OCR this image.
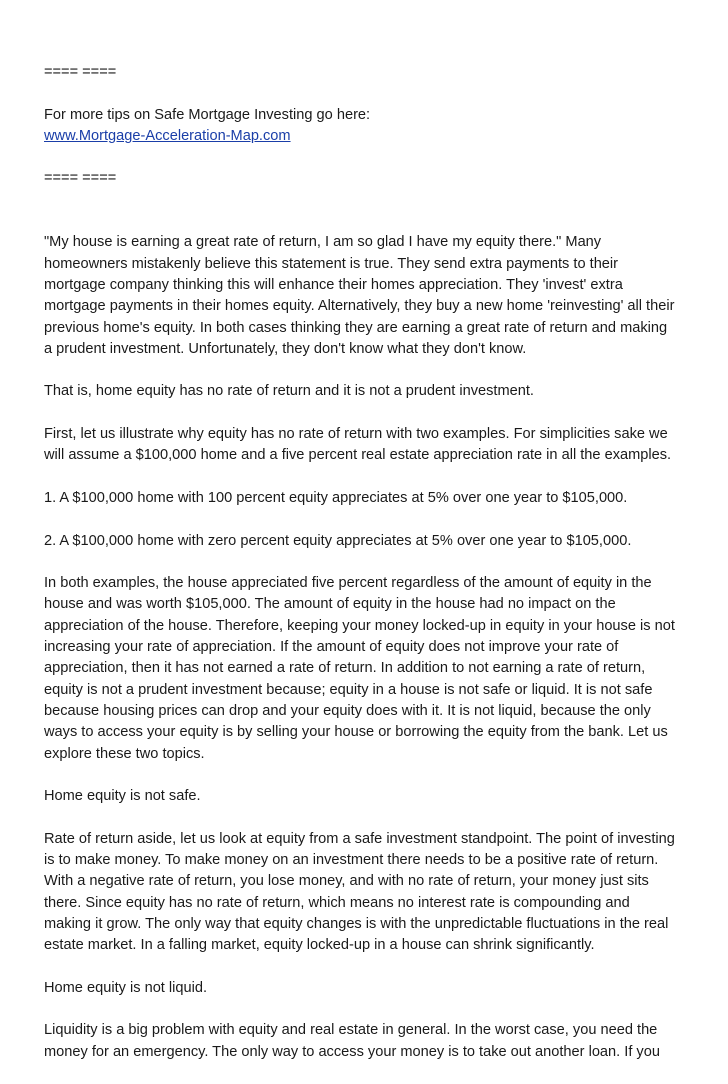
==== ====

For more tips on Safe Mortgage Investing go here:

www.Mortgage-Acceleration-Map.com

==== ====

"My house is earning a great rate of return, I am so glad I have my equity there." Many
homeowners mistakenly believe this statement is true. They send extra payments to their
mortgage company thinking this will enhance their homes appreciation. They 'invest' extra
mortgage payments in their homes equity. Alternatively, they buy a new home 'reinvesting' all their
previous home's equity. In both cases thinking they are earning a great rate of return and making
a prudent investment. Unfortunately, they don't know what they don't know.

That is, home equity has no rate of return and it is not a prudent investment.

First, let us illustrate why equity has no rate of return with two examples. For simplicities sake we
will assume a $100,000 home and a five percent real estate appreciation rate in all the examples.

1. A $100,000 home with 100 percent equity appreciates at 5% over one year to $105,000.

2. A $100,000 home with zero percent equity appreciates at 5% over one year to $105,000.

In both examples, the house appreciated five percent regardless of the amount of equity in the
house and was worth $105,000. The amount of equity in the house had no impact on the
appreciation of the house. Therefore, keeping your money locked-up in equity in your house is not
increasing your rate of appreciation. If the amount of equity does not improve your rate of
appreciation, then it has not earned a rate of return. In addition to not earning a rate of return,
equity is not a prudent investment because; equity in a house is not safe or liquid. It is not safe
because housing prices can drop and your equity does with it. It is not liquid, because the only
ways to access your equity is by selling your house or borrowing the equity from the bank. Let us
explore these two topics.

Home equity is not safe.

Rate of return aside, let us look at equity from a safe investment standpoint. The point of investing
is to make money. To make money on an investment there needs to be a positive rate of return.
With a negative rate of return, you lose money, and with no rate of return, your money just sits
there. Since equity has no rate of return, which means no interest rate is compounding and
making it grow. The only way that equity changes is with the unpredictable fluctuations in the real
estate market. In a falling market, equity locked-up in a house can shrink significantly.

Home equity is not liquid.

Liquidity is a big problem with equity and real estate in general. In the worst case, you need the
money for an emergency. The only way to access your money is to take out another loan. If you
